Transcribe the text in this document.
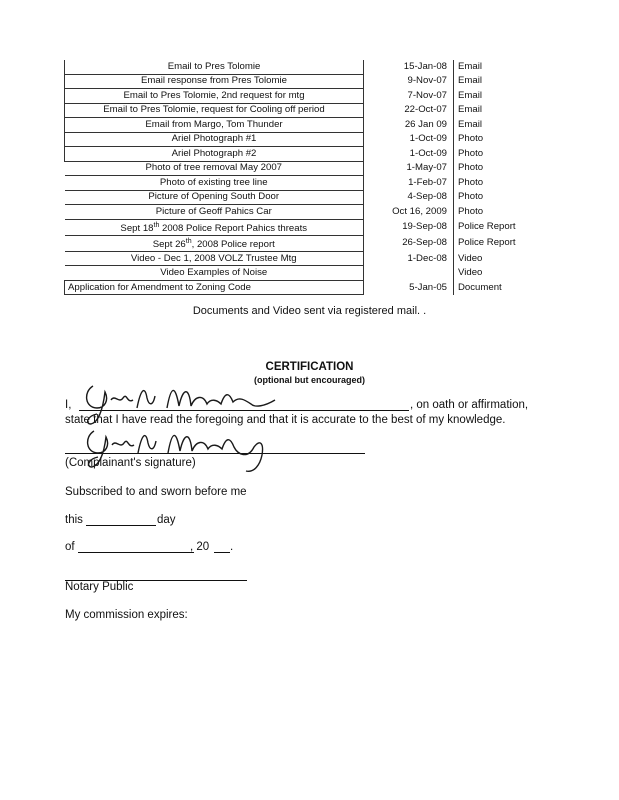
Email to Pres Tolomie	15-Jan-08	Email
Email response from Pres Tolomie	9-Nov-07	Email
Email to Pres Tolomie, 2nd request for mtg	7-Nov-07	Email
Email to Pres Tolomie, request for Cooling off period	22-Oct-07	Email
Email from Margo, Tom Thunder	26 Jan 09	Email
Ariel Photograph #1	1-Oct-09	Photo
Ariel Photograph #2	1-Oct-09	Photo
Photo of tree removal May 2007	1-May-07	Photo
Photo of existing tree line	1-Feb-07	Photo
Picture of Opening South Door	4-Sep-08	Photo
Picture of Geoff Pahics Car	Oct 16, 2009	Photo
Sept 18th 2008 Police Report Pahics threats	19-Sep-08	Police Report
Sept 26th, 2008 Police report	26-Sep-08	Police Report
Video - Dec 1, 2008 VOLZ Trustee Mtg	1-Dec-08	Video
Video Examples of Noise		Video
Application for Amendment to Zoning Code	5-Jan-05	Document
Documents and Video sent via registered mail. .
CERTIFICATION
(optional but encouraged)
I,	, on oath or affirmation,
state that I have read the foregoing and that it is accurate to the best of my knowledge.
(Complainant's signature)
Subscribed to and sworn before me
this	day
of	, 20 .
Notary Public
My commission expires:
